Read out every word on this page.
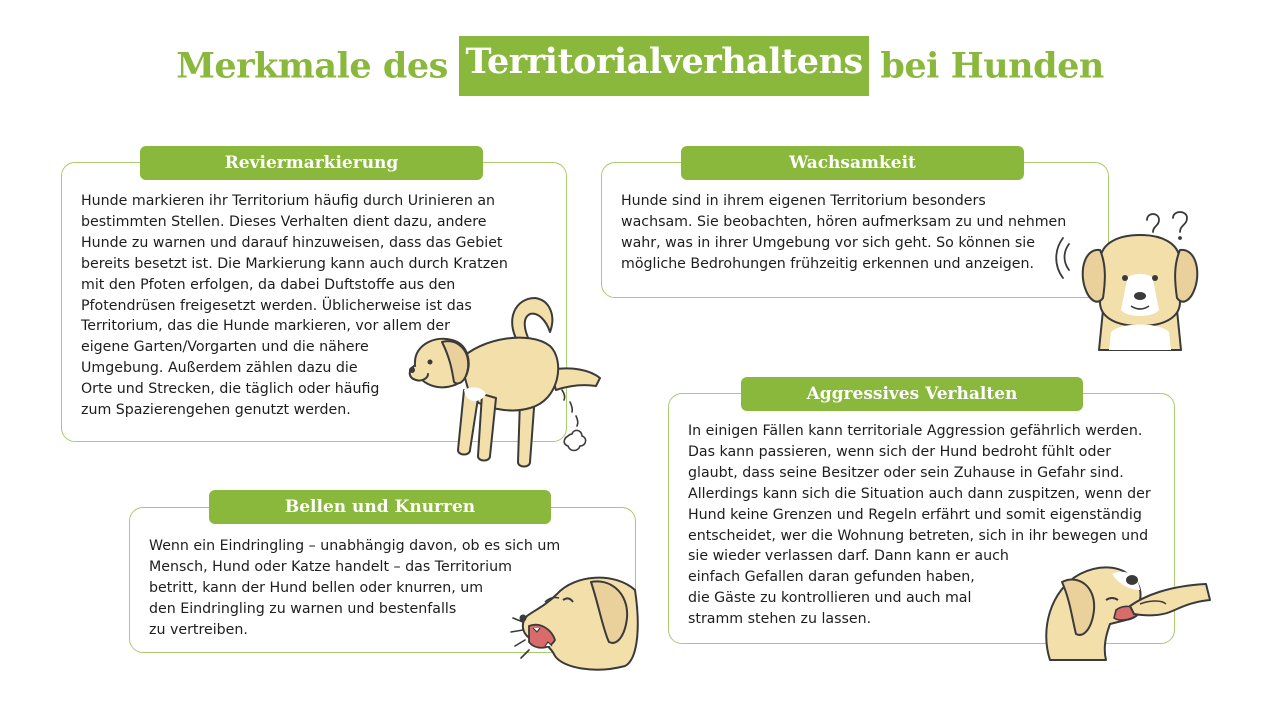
Merkmale des Territorialverhaltens bei Hunden
Reviermarkierung
Hunde markieren ihr Territorium häufig durch Urinieren an
bestimmten Stellen. Dieses Verhalten dient dazu, andere
Hunde zu warnen und darauf hinzuweisen, dass das Gebiet
bereits besetzt ist. Die Markierung kann auch durch Kratzen
mit den Pfoten erfolgen, da dabei Duftstoffe aus den
Pfotendrüsen freigesetzt werden. Üblicherweise ist das
Territorium, das die Hunde markieren, vor allem der
eigene Garten/Vorgarten und die nähere
Umgebung. Außerdem zählen dazu die
Orte und Strecken, die täglich oder häufig
zum Spazierengehen genutzt werden.
Wachsamkeit
Hunde sind in ihrem eigenen Territorium besonders
wachsam. Sie beobachten, hören aufmerksam zu und nehmen
wahr, was in ihrer Umgebung vor sich geht. So können sie
mögliche Bedrohungen frühzeitig erkennen und anzeigen.
Aggressives Verhalten
In einigen Fällen kann territoriale Aggression gefährlich werden.
Das kann passieren, wenn sich der Hund bedroht fühlt oder
glaubt, dass seine Besitzer oder sein Zuhause in Gefahr sind.
Allerdings kann sich die Situation auch dann zuspitzen, wenn der
Hund keine Grenzen und Regeln erfährt und somit eigenständig
entscheidet, wer die Wohnung betreten, sich in ihr bewegen und
sie wieder verlassen darf. Dann kann er auch
einfach Gefallen daran gefunden haben,
die Gäste zu kontrollieren und auch mal
stramm stehen zu lassen.
Bellen und Knurren
Wenn ein Eindringling – unabhängig davon, ob es sich um
Mensch, Hund oder Katze handelt – das Territorium
betritt, kann der Hund bellen oder knurren, um
den Eindringling zu warnen und bestenfalls
zu vertreiben.
